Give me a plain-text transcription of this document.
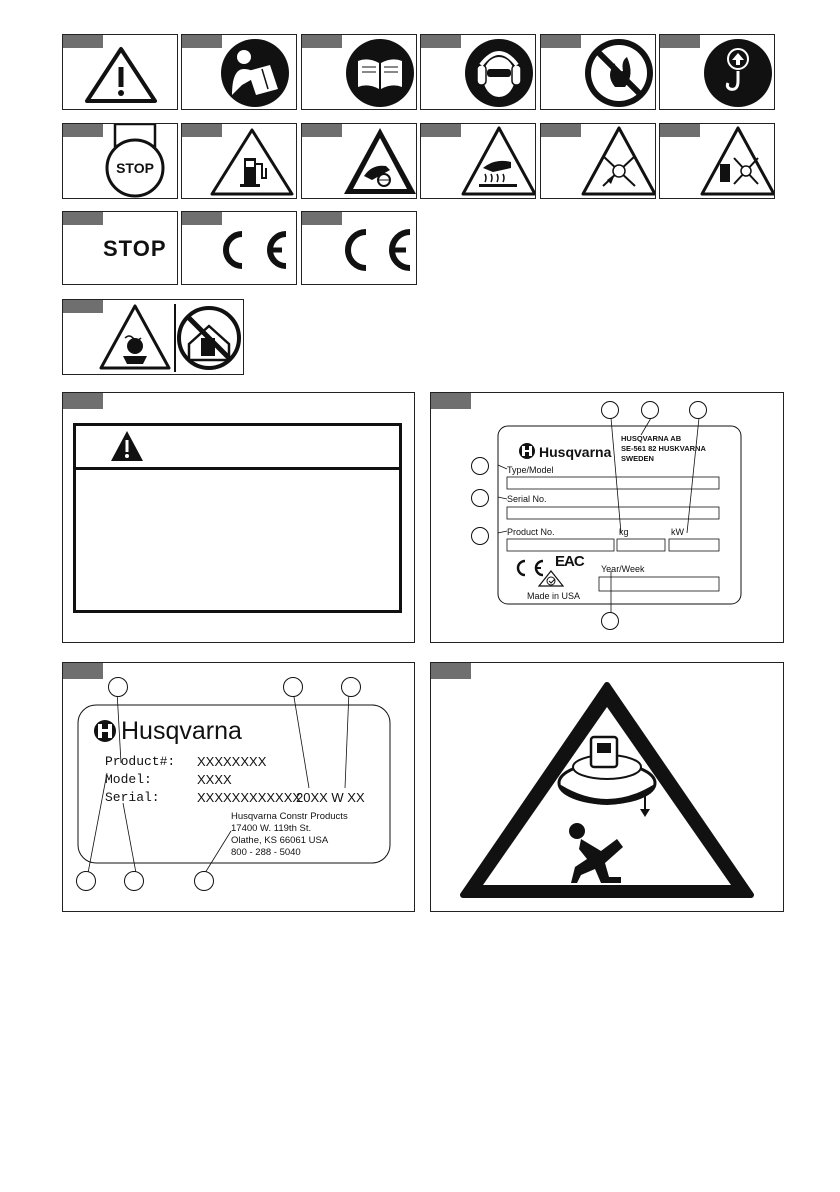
STOP
STOP
Husqvarna
HUSQVARNA AB
SE-561 82 HUSKVARNA
SWEDEN
Type/Model
Serial No.
Product No.	kg	kW
Year/Week
EAC
Made in USA
Husqvarna
Product#: XXXXXXXX
Model:	XXXX
Serial:	XXXXXXXXXXXX
20XX W XX
Husqvarna Constr Products
17400 W. 119th St.
Olathe, KS 66061 USA
800 - 288 - 5040
